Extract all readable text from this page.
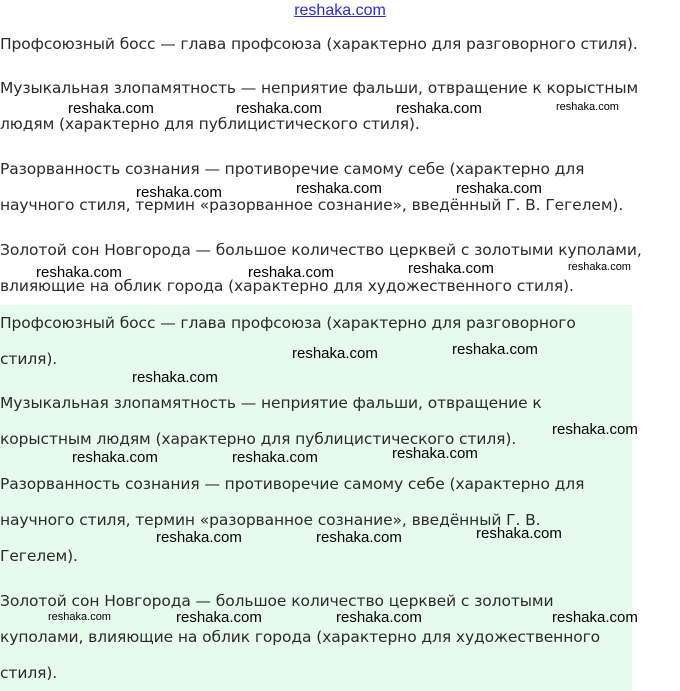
reshaka.com
Профсоюзный босс — глава профсоюза (характерно для разговорного стиля).
Музыкальная злопамятность — неприятие фальши, отвращение к корыстным
людям (характерно для публицистического стиля).
Разорванность сознания — противоречие самому себе (характерно для
научного стиля, термин «разорванное сознание», введённый Г. В. Гегелем).
Золотой сон Новгорода — большое количество церквей с золотыми куполами,
влияющие на облик города (характерно для художественного стиля).
Профсоюзный босс — глава профсоюза (характерно для разговорного
стиля).
Музыкальная злопамятность — неприятие фальши, отвращение к
корыстным людям (характерно для публицистического стиля).
Разорванность сознания — противоречие самому себе (характерно для
научного стиля, термин «разорванное сознание», введённый Г. В.
Гегелем).
Золотой сон Новгорода — большое количество церквей с золотыми
куполами, влияющие на облик города (характерно для художественного
стиля).
reshaka.com	reshaka.com	reshaka.com	reshaka.com
reshaka.com	reshaka.com	reshaka.com
reshaka.com	reshaka.com	reshaka.com	reshaka.com
reshaka.com	reshaka.com
reshaka.com
reshaka.com
reshaka.com	reshaka.com	reshaka.com
reshaka.com	reshaka.com	reshaka.com
reshaka.com	reshaka.com	reshaka.com	reshaka.com
